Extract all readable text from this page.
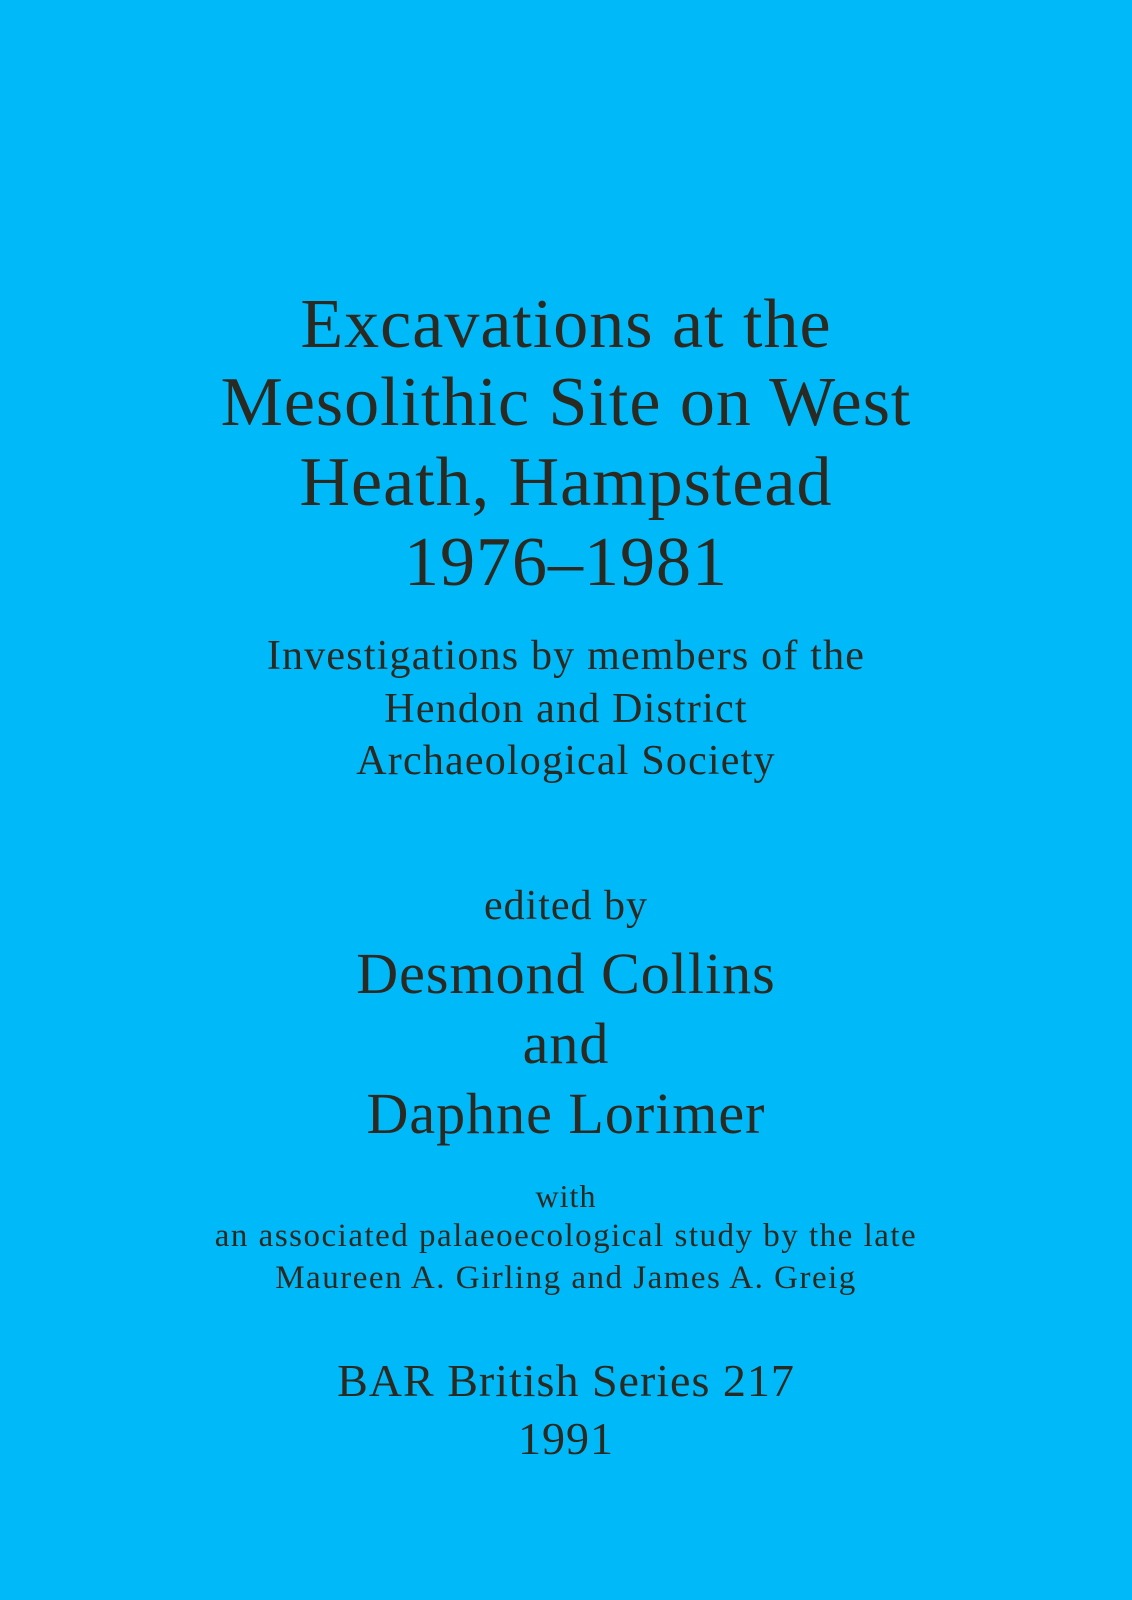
Excavations at the
Mesolithic Site on West
Heath, Hampstead
1976–1981
Investigations by members of the
Hendon and District
Archaeological Society
edited by
Desmond Collins
and
Daphne Lorimer
with
an associated palaeoecological study by the late
Maureen A. Girling and James A. Greig
BAR British Series 217
1991
